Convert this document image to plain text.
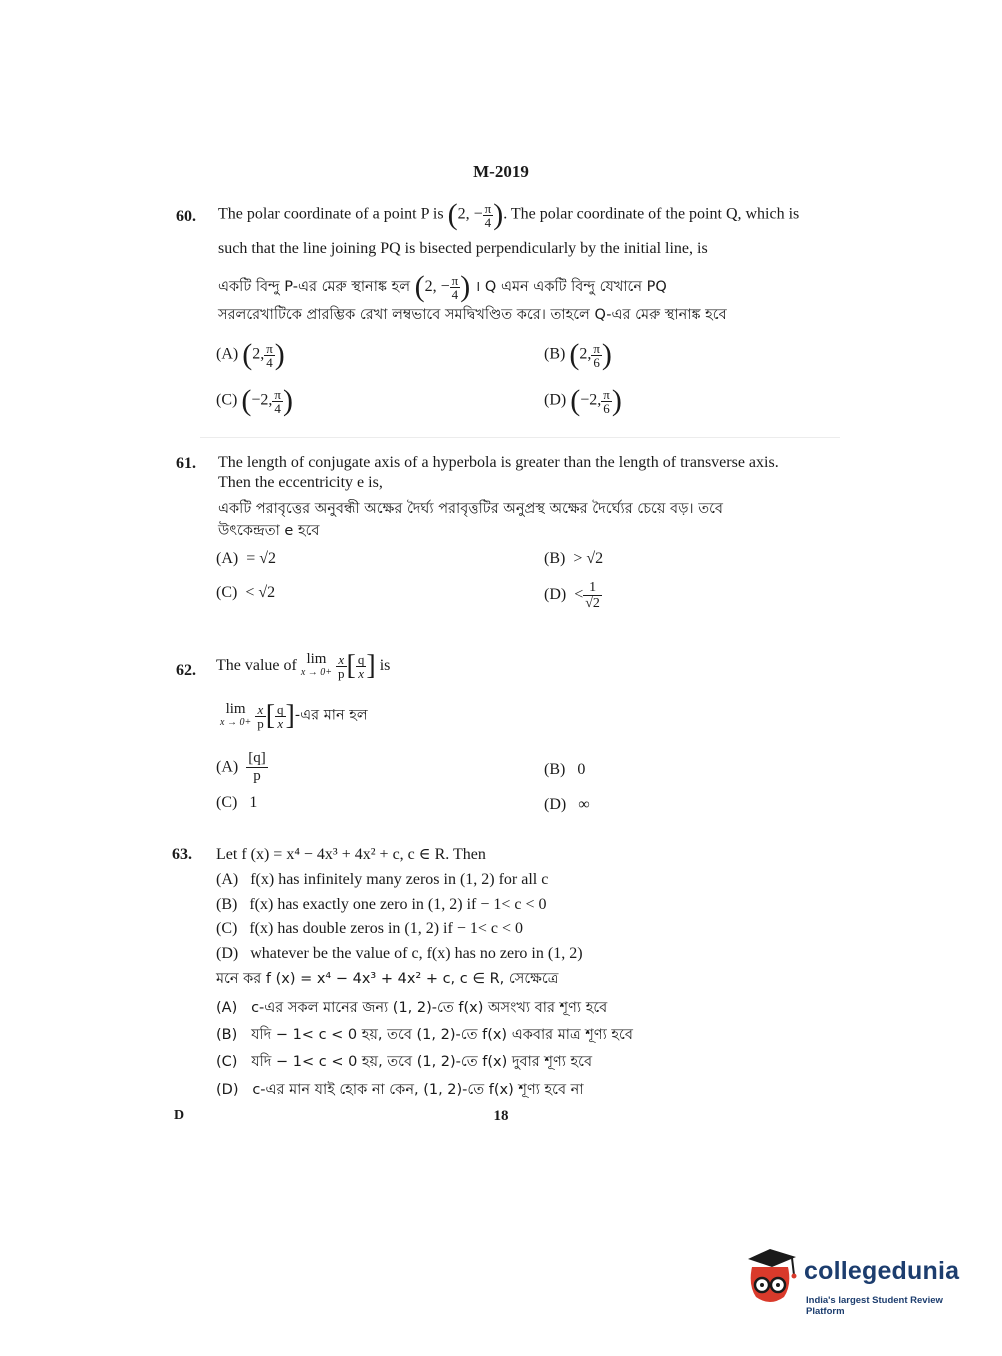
M-2019
60. The polar coordinate of a point P is (2, − $\frac{\pi}{4}$ ). The polar coordinate of the point Q, which is
such that the line joining PQ is bisected perpendicularly by the initial line, is
একটি বিন্দু P-এর মেরু স্থানাঙ্ক হল (2, − $\frac{\pi}{4}$ ) । Q এমন একটি বিন্দু যেখানে PQ
সরলরেখাটিকে প্রারম্ভিক রেখা লম্বভাবে সমদ্বিখণ্ডিত করে। তাহলে Q-এর মেরু স্থানাঙ্ক হবে
(A) (2, $\frac{\pi}{4}$ )	(B) (2, $\frac{\pi}{6}$ )
(C) (−2, $\frac{\pi}{4}$ )	(D) (−2, $\frac{\pi}{6}$ )
61. The length of conjugate axis of a hyperbola is greater than the length of transverse axis.
Then the eccentricity e is,
একটি পরাবৃত্তের অনুবন্ধী অক্ষের দৈর্ঘ্য পরাবৃত্তটির অনুপ্রস্থ অক্ষের দৈর্ঘ্যের চেয়ে বড়। তবে
উৎকেন্দ্রতা e হবে
(A) = √2	(B) > √2
(C) < √2	$(D) < \frac{1}{√2}$
62. The value of lim
x → 0+
$\frac{x}{p}$ [ $\frac{q}{x}$ ] is
lim
x → 0+
$\frac{x}{p}$ [ $\frac{q}{x}$ ]-এর মান হল
$(A) \frac{[q]}{p}$	(B) 0
(C) 1	(D) ∞
63. Let f (x) = x⁴ − 4x³ + 4x² + c, c ∈ R. Then
(A) f(x) has infinitely many zeros in (1, 2) for all c
(B) f(x) has exactly one zero in (1, 2) if − 1< c < 0
(C) f(x) has double zeros in (1, 2) if − 1< c < 0
(D) whatever be the value of c, f(x) has no zero in (1, 2)
মনে কর f (x) = x⁴ − 4x³ + 4x² + c, c ∈ R, সেক্ষেত্রে
(A) c-এর সকল মানের জন্য (1, 2)-তে f(x) অসংখ্য বার শূণ্য হবে
(B) যদি − 1< c < 0 হয়, তবে (1, 2)-তে f(x) একবার মাত্র শূণ্য হবে
(C) যদি − 1< c < 0 হয়, তবে (1, 2)-তে f(x) দুবার শূণ্য হবে
(D) c-এর মান যাই হোক না কেন, (1, 2)-তে f(x) শূণ্য হবে না
D	18
collegedunia
India's largest Student Review Platform
